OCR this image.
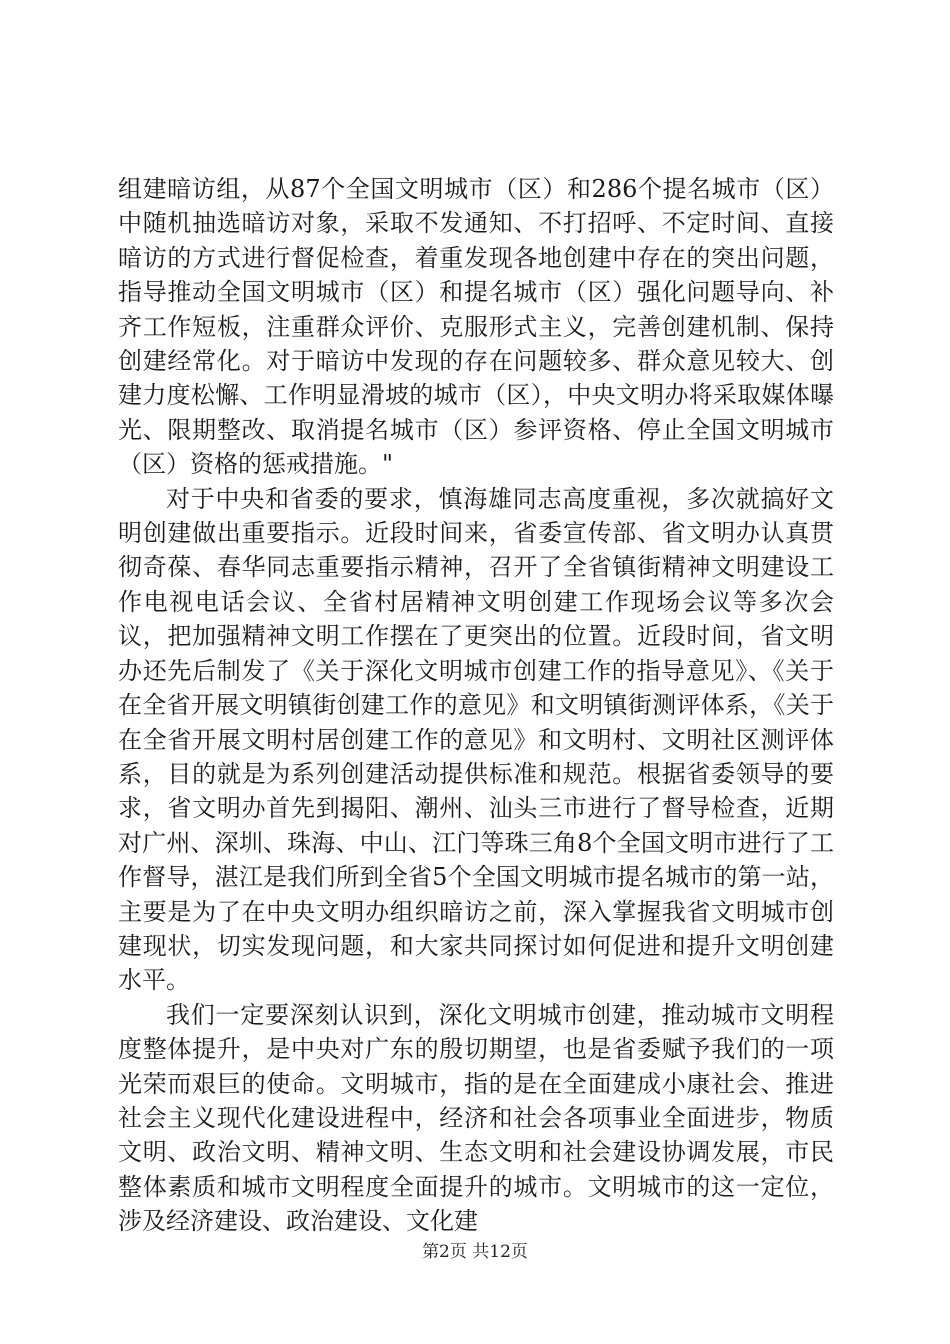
组建暗访组，从87个全国文明城市（区）和286个提名城市（区）中随机抽选暗访对象，采取不发通知、不打招呼、不定时间、直接暗访的方式进行督促检查，着重发现各地创建中存在的突出问题，指导推动全国文明城市（区）和提名城市（区）强化问题导向、补齐工作短板，注重群众评价、克服形式主义，完善创建机制、保持创建经常化。对于暗访中发现的存在问题较多、群众意见较大、创建力度松懈、工作明显滑坡的城市（区），中央文明办将采取媒体曝光、限期整改、取消提名城市（区）参评资格、停止全国文明城市（区）资格的惩戒措施。"

对于中央和省委的要求，慎海雄同志高度重视，多次就搞好文明创建做出重要指示。近段时间来，省委宣传部、省文明办认真贯彻奇葆、春华同志重要指示精神，召开了全省镇街精神文明建设工作电视电话会议、全省村居精神文明创建工作现场会议等多次会议，把加强精神文明工作摆在了更突出的位置。近段时间，省文明办还先后制发了《关于深化文明城市创建工作的指导意见》、《关于在全省开展文明镇街创建工作的意见》和文明镇街测评体系，《关于在全省开展文明村居创建工作的意见》和文明村、文明社区测评体系，目的就是为系列创建活动提供标准和规范。根据省委领导的要求，省文明办首先到揭阳、潮州、汕头三市进行了督导检查，近期对广州、深圳、珠海、中山、江门等珠三角8个全国文明市进行了工作督导，湛江是我们所到全省5个全国文明城市提名城市的第一站，主要是为了在中央文明办组织暗访之前，深入掌握我省文明城市创建现状，切实发现问题，和大家共同探讨如何促进和提升文明创建水平。

我们一定要深刻认识到，深化文明城市创建，推动城市文明程度整体提升，是中央对广东的殷切期望，也是省委赋予我们的一项光荣而艰巨的使命。文明城市，指的是在全面建成小康社会、推进社会主义现代化建设进程中，经济和社会各项事业全面进步，物质文明、政治文明、精神文明、生态文明和社会建设协调发展，市民整体素质和城市文明程度全面提升的城市。文明城市的这一定位，涉及经济建设、政治建设、文化建

第2页 共12页
